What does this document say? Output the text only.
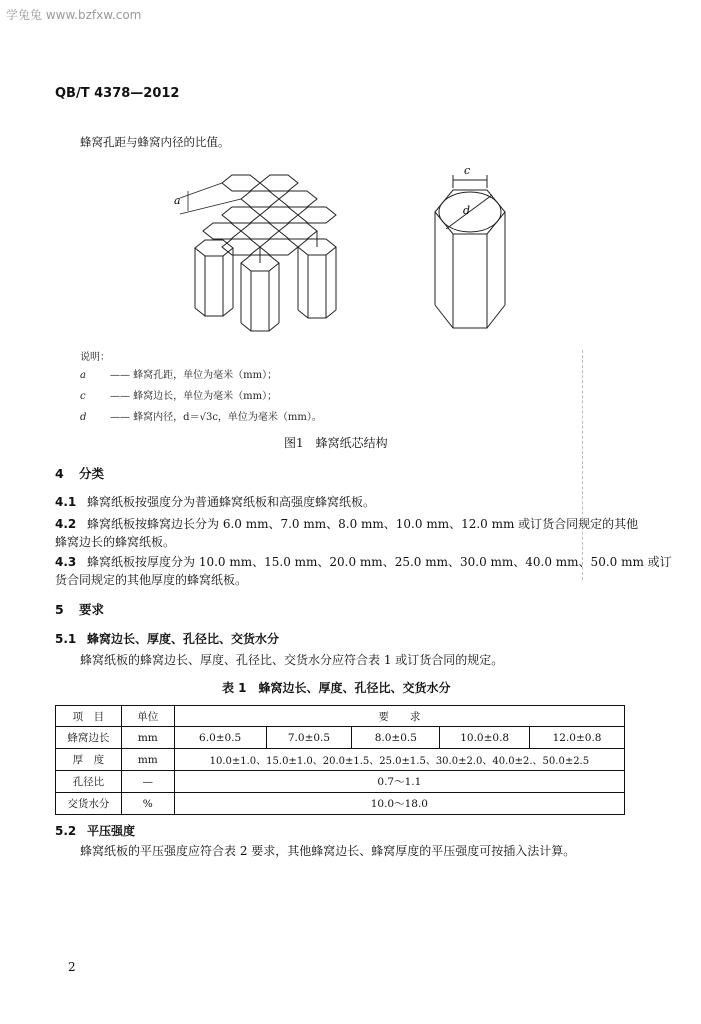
学兔兔 www.bzfxw.com
QB/T 4378—2012
蜂窝孔距与蜂窝内径的比值。
a
c
d
说明：
a —— 蜂窝孔距，单位为毫米（mm）；
c —— 蜂窝边长，单位为毫米（mm）；
d —— 蜂窝内径，d＝√3c，单位为毫米（mm）。
图1　蜂窝纸芯结构
4 分类
4.1 蜂窝纸板按强度分为普通蜂窝纸板和高强度蜂窝纸板。
4.2 蜂窝纸板按蜂窝边长分为 6.0 mm、7.0 mm、8.0 mm、10.0 mm、12.0 mm 或订货合同规定的其他
蜂窝边长的蜂窝纸板。
4.3 蜂窝纸板按厚度分为 10.0 mm、15.0 mm、20.0 mm、25.0 mm、30.0 mm、40.0 mm、50.0 mm 或订
货合同规定的其他厚度的蜂窝纸板。
5 要求
5.1 蜂窝边长、厚度、孔径比、交货水分
蜂窝纸板的蜂窝边长、厚度、孔径比、交货水分应符合表 1 或订货合同的规定。
表 1　蜂窝边长、厚度、孔径比、交货水分
项　目	单位	要　　求				
蜂窝边长	mm	6.0±0.5	7.0±0.5	8.0±0.5	10.0±0.8	12.0±0.8
厚　度	mm	10.0±1.0、15.0±1.0、20.0±1.5、25.0±1.5、30.0±2.0、40.0±2.、50.0±2.5				
孔径比	—	0.7～1.1				
交货水分	%	10.0～18.0				
5.2 平压强度
蜂窝纸板的平压强度应符合表 2 要求，其他蜂窝边长、蜂窝厚度的平压强度可按插入法计算。
2
